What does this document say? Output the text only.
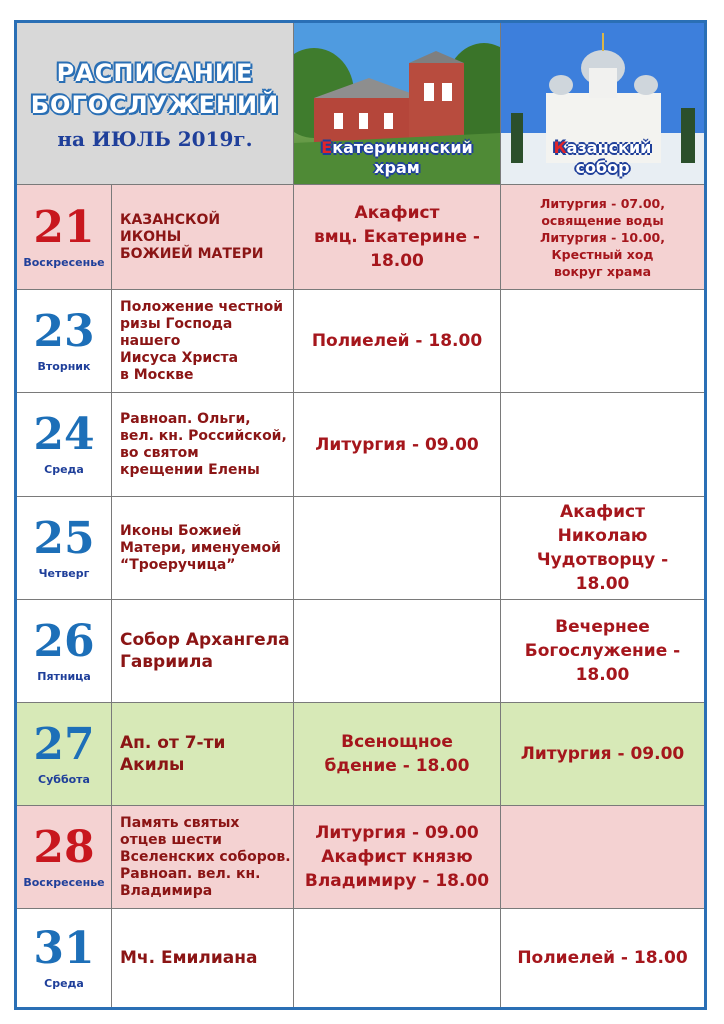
РАСПИСАНИЕ
БОГОСЛУЖЕНИЙ
на ИЮЛЬ 2019г.	Екатерининский
храм
Казанский
собор
21
Воскресенье
КАЗАНСКОЙ
ИКОНЫ
БОЖИЕЙ МАТЕРИ
Акафист
вмц. Екатерине -
18.00
Литургия - 07.00,
освящение воды
Литургия - 10.00,
Крестный ход
вокруг храма
23
Вторник
Положение честной
ризы Господа нашего
Иисуса Христа
в Москве
Полиелей - 18.00
24
Среда
Равноап. Ольги,
вел. кн. Российской,
во святом
крещении Елены
Литургия - 09.00
25
Четверг
Иконы Божией
Матери, именуемой
“Троеручица”
Акафист
Николаю Чудотворцу -
18.00
26
Пятница
Собор Архангела
Гавриила
Вечернее
Богослужение -
18.00
27
Суббота
Ап. от 7-ти
Акилы
Всенощное
бдение - 18.00
Литургия - 09.00
28
Воскресенье
Память святых
отцев шести
Вселенских соборов.
Равноап. вел. кн.
Владимира
Литургия - 09.00
Акафист князю
Владимиру - 18.00
31
Среда
Мч. Емилиана	Полиелей - 18.00
